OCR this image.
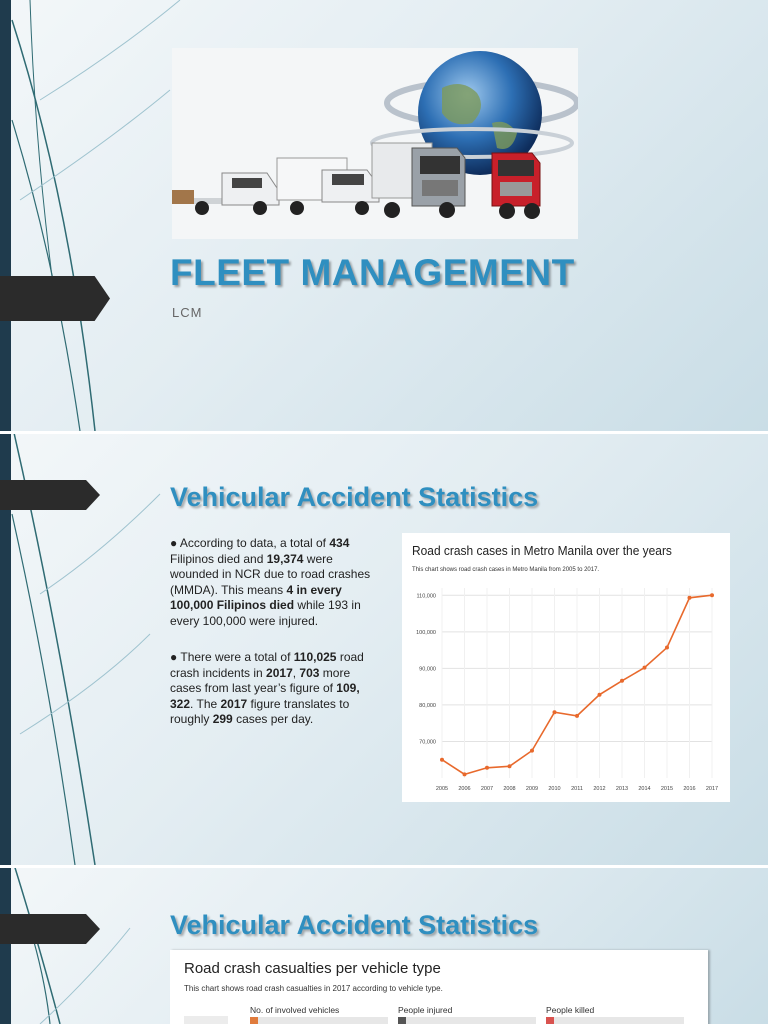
FLEET MANAGEMENT
LCM
Vehicular Accident Statistics

● According to data, a total of 434 Filipinos died and 19,374 were wounded in NCR due to road crashes (MMDA). This means 4 in every 100,000 Filipinos died while 193 in every 100,000 were injured.

● There were a total of 110,025 road crash incidents in 2017, 703 more cases from last year’s figure of 109, 322. The 2017 figure translates to roughly 299 cases per day.

Road crash cases in Metro Manila over the years
This chart shows road crash cases in Metro Manila from 2005 to 2017.
70,000
80,000
90,000
100,000
110,000
2005 2006 2007 2008 2009 2010 2011 2012 2013 2014 2015 2016 2017
Vehicular Accident Statistics
Road crash casualties per vehicle type
This chart shows road crash casualties in 2017 according to vehicle type.
No. of involved vehicles	People injured	People killed
